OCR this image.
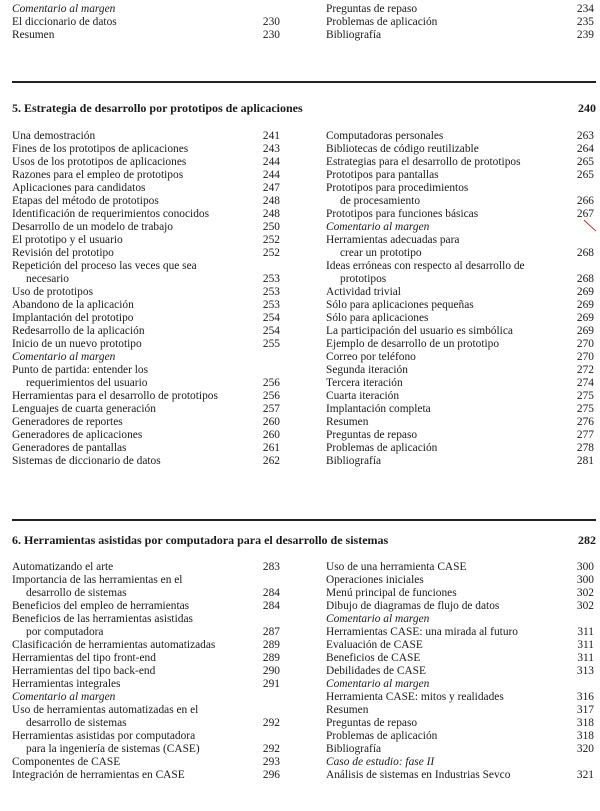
Comentario al margen
El diccionario de datos	230
Resumen	230
Preguntas de repaso	234
Problemas de aplicación	235
Bibliografía	239
5. Estrategia de desarrollo por prototipos de aplicaciones	240
Una demostración	241
Fines de los prototipos de aplicaciones	243
Usos de los prototipos de aplicaciones	244
Razones para el empleo de prototipos	244
Aplicaciones para candidatos	247
Etapas del método de prototipos	248
Identificación de requerimientos conocidos	248
Desarrollo de un modelo de trabajo	250
El prototipo y el usuario	252
Revisión del prototipo	252
Repetición del proceso las veces que sea
necesario	253
Uso de prototipos	253
Abandono de la aplicación	253
Implantación del prototipo	254
Redesarrollo de la aplicación	254
Inicio de un nuevo prototipo	255
Comentario al margen
Punto de partida: entender los
requerimientos del usuario	256
Herramientas para el desarrollo de prototipos	256
Lenguajes de cuarta generación	257
Generadores de reportes	260
Generadores de aplicaciones	260
Generadores de pantallas	261
Sistemas de diccionario de datos	262
Computadoras personales	263
Bibliotecas de código reutilizable	264
Estrategias para el desarrollo de prototipos	265
Prototipos para pantallas	265
Prototipos para procedimientos
de procesamiento	266
Prototipos para funciones básicas	267
Comentario al margen
Herramientas adecuadas para
crear un prototipo	268
Ideas erróneas con respecto al desarrollo de
prototipos	268
Actividad trivial	269
Sólo para aplicaciones pequeñas	269
Sólo para aplicaciones	269
La participación del usuario es simbólica	269
Ejemplo de desarrollo de un prototipo	270
Correo por teléfono	270
Segunda iteración	272
Tercera iteración	274
Cuarta iteración	275
Implantación completa	275
Resumen	276
Preguntas de repaso	277
Problemas de aplicación	278
Bibliografía	281
6. Herramientas asistidas por computadora para el desarrollo de sistemas	282
Automatizando el arte	283
Importancia de las herramientas en el
desarrollo de sistemas	284
Beneficios del empleo de herramientas	284
Beneficios de las herramientas asistidas
por computadora	287
Clasificación de herramientas automatizadas	289
Herramientas del tipo front-end	289
Herramientas del tipo back-end	290
Herramientas integrales	291
Comentario al margen
Uso de herramientas automatizadas en el
desarrollo de sistemas	292
Herramientas asistidas por computadora
para la ingeniería de sistemas (CASE)	292
Componentes de CASE	293
Integración de herramientas en CASE	296
Uso de una herramienta CASE	300
Operaciones iniciales	300
Menú principal de funciones	302
Dibujo de diagramas de flujo de datos	302
Comentario al margen
Herramientas CASE: una mirada al futuro	311
Evaluación de CASE	311
Beneficios de CASE	311
Debilidades de CASE	313
Comentario al margen
Herramienta CASE: mitos y realidades	316
Resumen	317
Preguntas de repaso	318
Problemas de aplicación	318
Bibliografía	320
Caso de estudio: fase II
Análisis de sistemas en Industrias Sevco	321
